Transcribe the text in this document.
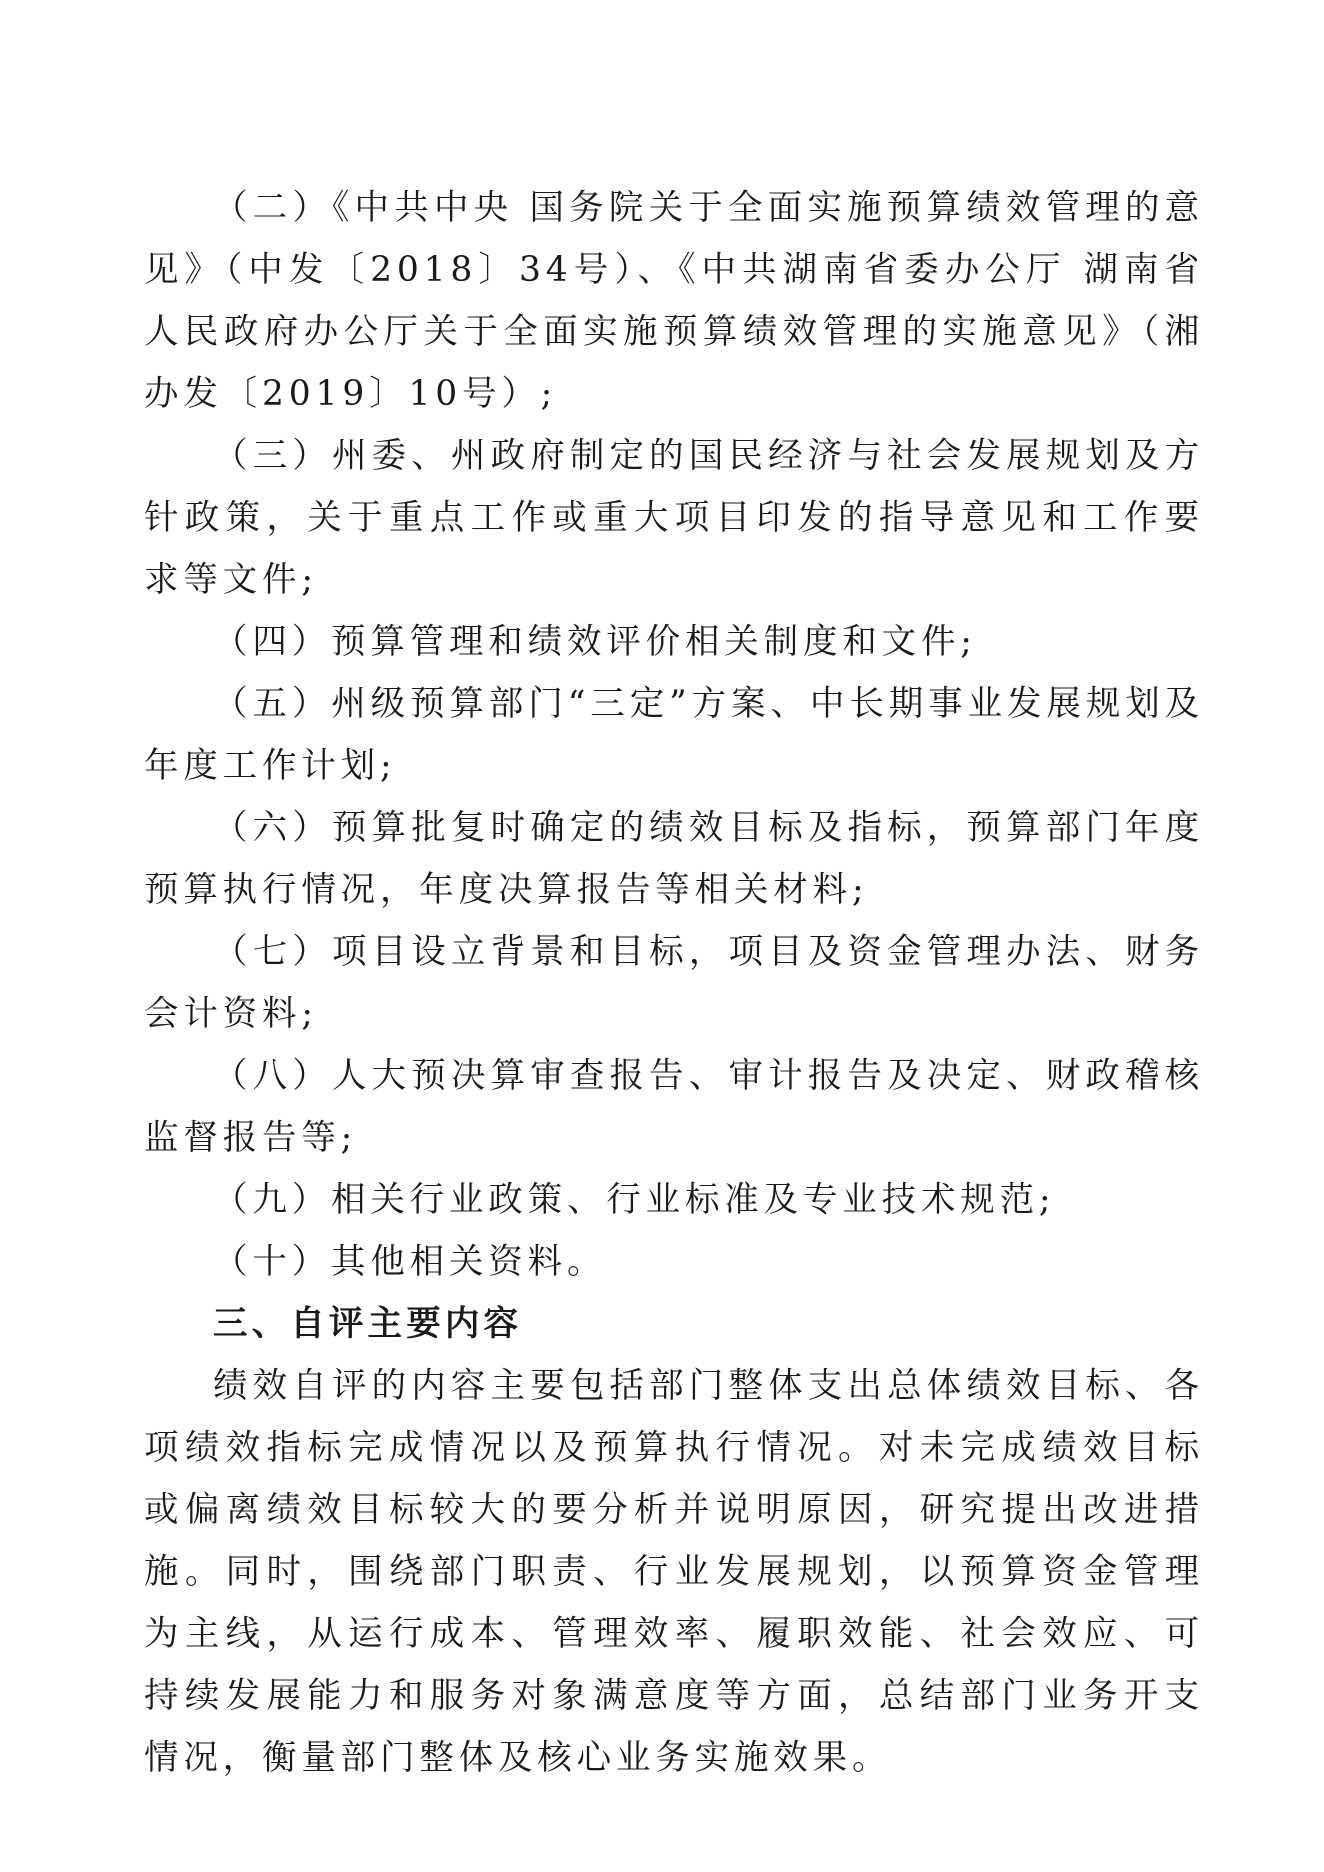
（二）《中共中央 国务院关于全面实施预算绩效管理的意见》（中发〔2018〕34号）、《中共湖南省委办公厅 湖南省人民政府办公厅关于全面实施预算绩效管理的实施意见》（湘办发〔2019〕10号）;

（三）州委、州政府制定的国民经济与社会发展规划及方针政策，关于重点工作或重大项目印发的指导意见和工作要求等文件;

（四）预算管理和绩效评价相关制度和文件;

（五）州级预算部门“三定”方案、中长期事业发展规划及年度工作计划;

（六）预算批复时确定的绩效目标及指标，预算部门年度预算执行情况，年度决算报告等相关材料;

（七）项目设立背景和目标，项目及资金管理办法、财务会计资料;

（八）人大预决算审查报告、审计报告及决定、财政稽核监督报告等;

（九）相关行业政策、行业标准及专业技术规范;

（十）其他相关资料。

三、自评主要内容

绩效自评的内容主要包括部门整体支出总体绩效目标、各项绩效指标完成情况以及预算执行情况。对未完成绩效目标或偏离绩效目标较大的要分析并说明原因，研究提出改进措施。同时，围绕部门职责、行业发展规划，以预算资金管理为主线，从运行成本、管理效率、履职效能、社会效应、可持续发展能力和服务对象满意度等方面，总结部门业务开支情况，衡量部门整体及核心业务实施效果。
